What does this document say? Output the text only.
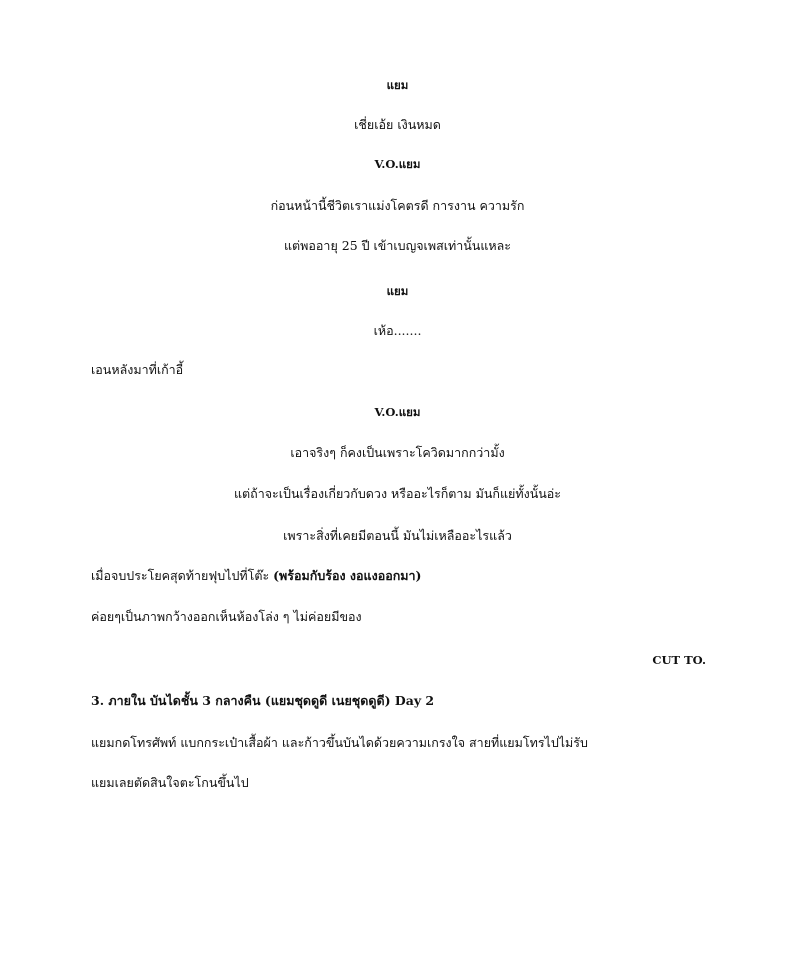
แยม
เชี่ยเอ้ย เงินหมด
V.O.แยม
ก่อนหน้านี้ชีวิตเราแม่งโคตรดี การงาน ความรัก
แต่พออายุ 25 ปี เข้าเบญจเพสเท่านั้นแหละ
แยม
เห้อ.......
เอนหลังมาที่เก้าอี้
V.O.แยม
เอาจริงๆ ก็คงเป็นเพราะโควิดมากกว่ามั้ง
แต่ถ้าจะเป็นเรื่องเกี่ยวกับดวง หรืออะไรก็ตาม มันก็แย่ทั้งนั้นอ่ะ
เพราะสิ่งที่เคยมีตอนนี้ มันไม่เหลืออะไรแล้ว
เมื่อจบประโยคสุดท้ายฟุบไปที่โต๊ะ (พร้อมกับร้อง งอแงออกมา)
ค่อยๆเป็นภาพกว้างออกเห็นห้องโล่ง ๆ ไม่ค่อยมีของ
CUT TO.
3. ภายใน บันไดชั้น 3 กลางคืน (แยมชุดดูดี เนยชุดดูดี) Day 2
แยมกดโทรศัพท์ แบกกระเป๋าเสื้อผ้า และก้าวขึ้นบันไดด้วยความเกรงใจ สายที่แยมโทรไปไม่รับ
แยมเลยตัดสินใจตะโกนขึ้นไป
